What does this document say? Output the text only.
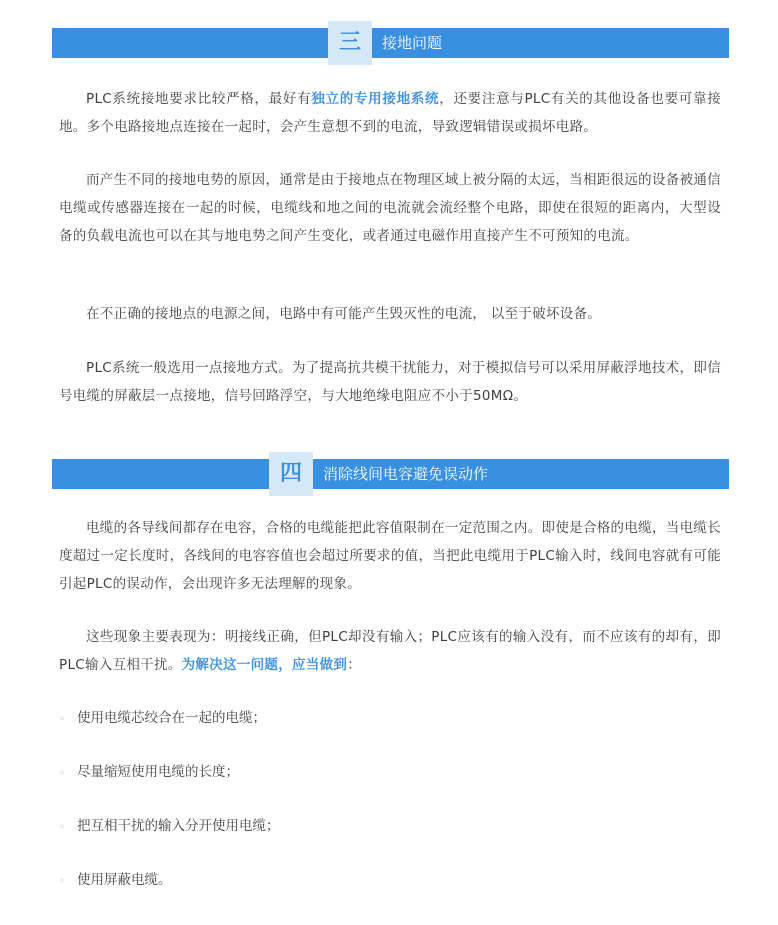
三	接地问题

PLC系统接地要求比较严格，最好有独立的专用接地系统，还要注意与PLC有关的其他设备也要可靠接地。多个电路接地点连接在一起时，会产生意想不到的电流，导致逻辑错误或损坏电路。

而产生不同的接地电势的原因，通常是由于接地点在物理区域上被分隔的太远，当相距很远的设备被通信电缆或传感器连接在一起的时候，电缆线和地之间的电流就会流经整个电路，即使在很短的距离内，大型设备的负载电流也可以在其与地电势之间产生变化，或者通过电磁作用直接产生不可预知的电流。

在不正确的接地点的电源之间，电路中有可能产生毁灭性的电流， 以至于破坏设备。

PLC系统一般选用一点接地方式。为了提高抗共模干扰能力，对于模拟信号可以采用屏蔽浮地技术，即信号电缆的屏蔽层一点接地，信号回路浮空，与大地绝缘电阻应不小于50MΩ。

四	消除线间电容避免误动作

电缆的各导线间都存在电容，合格的电缆能把此容值限制在一定范围之内。即使是合格的电缆，当电缆长度超过一定长度时，各线间的电容容值也会超过所要求的值，当把此电缆用于PLC输入时，线间电容就有可能引起PLC的误动作，会出现许多无法理解的现象。

这些现象主要表现为：明接线正确，但PLC却没有输入；PLC应该有的输入没有，而不应该有的却有，即PLC输入互相干扰。为解决这一问题，应当做到：

◦ 使用电缆芯绞合在一起的电缆；
◦ 尽量缩短使用电缆的长度；
◦ 把互相干扰的输入分开使用电缆；
◦ 使用屏蔽电缆。
